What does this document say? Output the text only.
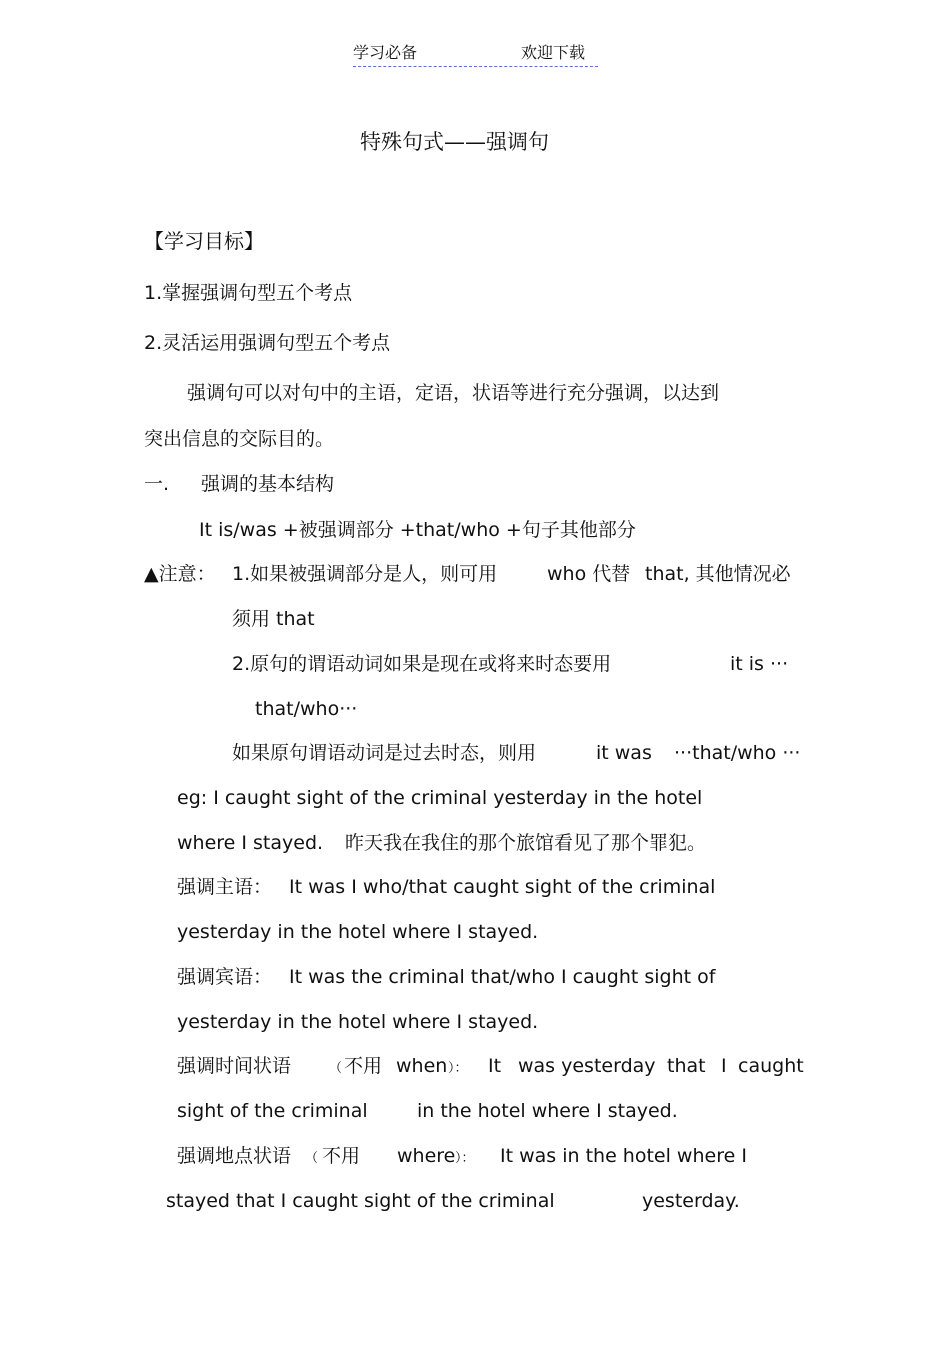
学习必备	欢迎下载
特殊句式——强调句
【学习目标】
1.掌握强调句型五个考点
2.灵活运用强调句型五个考点
强调句可以对句中的主语，定语，状语等进行充分强调，以达到
突出信息的交际目的。
一. 强调的基本结构
It is/was +被强调部分 +that/who +句子其他部分
▲注意： 1.如果被强调部分是人，则可用	who 代替 that, 其他情况必
须用 that
2.原句的谓语动词如果是现在或将来时态要用	it is ···
that/who···
如果原句谓语动词是过去时态，则用	it was ···that/who ···
eg: I caught sight of the criminal yesterday in the hotel
where I stayed. 昨天我在我住的那个旅馆看见了那个罪犯。
强调主语： It was I who/that caught sight of the criminal
yesterday in the hotel where I stayed.
强调宾语： It was the criminal that/who I caught sight of
yesterday in the hotel where I stayed.
强调时间状语	（ 不用 when ）： It was yesterday that I caught
sight of the criminal	in the hotel where I stayed.
强调地点状语 （ 不用 where ）： It was in the hotel where I
stayed that I caught sight of the criminal	yesterday.
